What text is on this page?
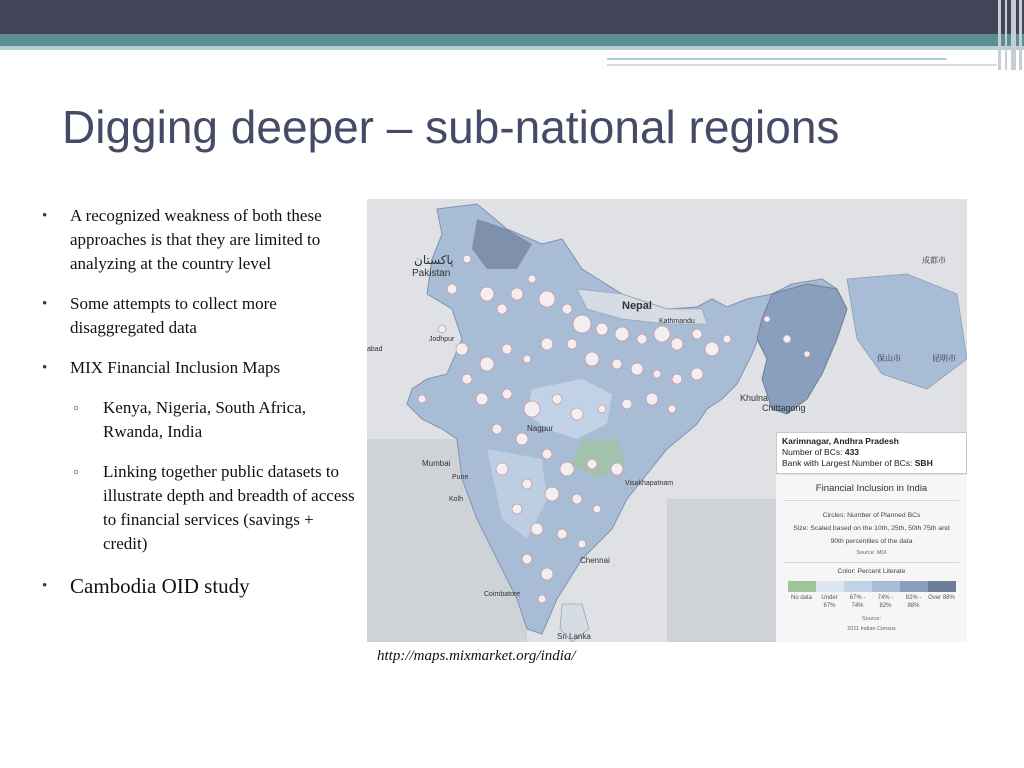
Digging deeper – sub-national regions
• A recognized weakness of both these approaches is that they are limited to analyzing at the country level
• Some attempts to collect more disaggregated data
• MIX Financial Inclusion Maps
▫ Kenya, Nigeria, South Africa, Rwanda, India
▫ Linking together public datasets to illustrate depth and breadth of access to financial services (savings + credit)
• Cambodia OID study
پاکستان
Pakistan
Nepal
Kathmandu
abad
Jodhpur
Nagpur
Mumbai
Pune
Kolh
Visakhapatnam
Chennai
Coimbatore
Khulna
Chittagong
成都市
昆明市
保山市
Sri Lanka
Karimnagar, Andhra Pradesh
Number of BCs: 433
Bank with Largest Number of BCs: SBH
Financial Inclusion in India
Circles: Number of Planned BCs
Size: Scaled based on the 10th, 25th, 50th 75th and 90th percentiles of the data
Source: MIX
Color: Percent Literate
No data	Under 67%
67% - 74%
74% - 82%
82% - 88%
Over 88%
Source:
2011 Indian Census
http://maps.mixmarket.org/india/
